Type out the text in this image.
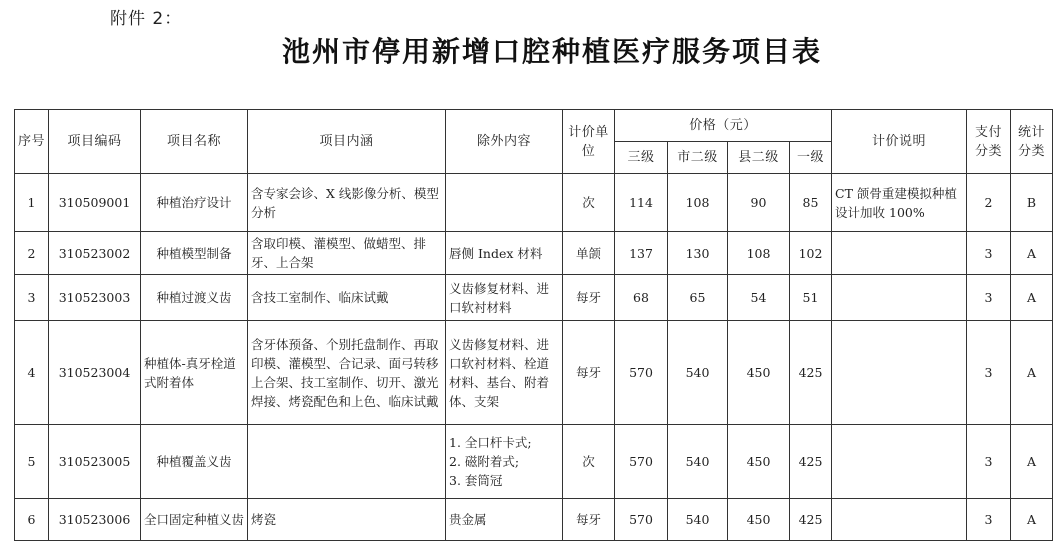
附件 2：
池州市停用新增口腔种植医疗服务项目表
序号	项目编码	项目名称	项目内涵	除外内容	计价单位	价格（元）				计价说明	支付分类	统计分类
						三级	市二级	县二级	一级			
1	310509001	种植治疗设计	含专家会诊、X 线影像分析、模型分析		次	114	108	90	85	CT 颌骨重建模拟种植设计加收 100%	2	B
2	310523002	种植模型制备	含取印模、灌模型、做蜡型、排牙、上合架	唇侧 Index 材料	单颌	137	130	108	102		3	A
3	310523003	种植过渡义齿	含技工室制作、临床试戴	义齿修复材料、进口软衬材料	每牙	68	65	54	51		3	A
4	310523004	种植体-真牙栓道式附着体	含牙体预备、个别托盘制作、再取印模、灌模型、合记录、面弓转移上合架、技工室制作、切开、激光焊接、烤瓷配色和上色、临床试戴	义齿修复材料、进口软衬材料、栓道材料、基台、附着体、支架	每牙	570	540	450	425		3	A
5	310523005	种植覆盖义齿		1. 全口杆卡式;
2. 磁附着式;
3. 套筒冠	次	570	540	450	425		3	A
6	310523006	全口固定种植义齿	烤瓷	贵金属	每牙	570	540	450	425		3	A
